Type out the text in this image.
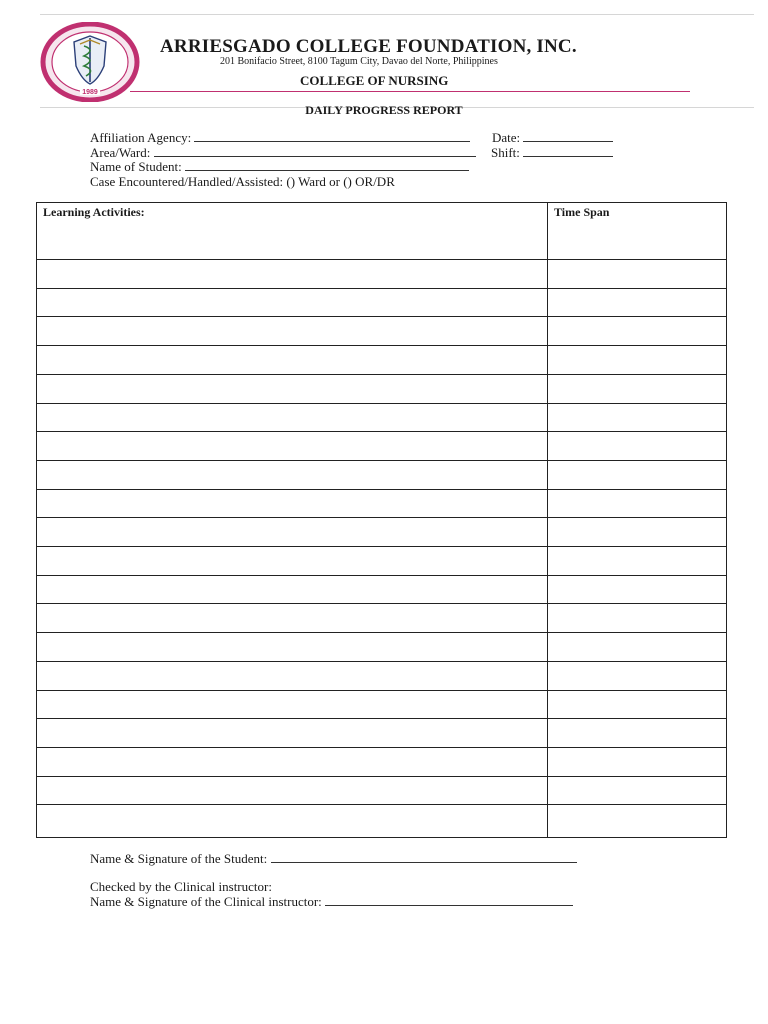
1989
ARRIESGADO COLLEGE FOUNDATION, INC.
201 Bonifacio Street, 8100 Tagum City, Davao del Norte, Philippines
COLLEGE OF NURSING
DAILY PROGRESS REPORT
Affiliation Agency:	Date:
Area/Ward:	Shift:
Name of Student:
Case Encountered/Handled/Assisted: () Ward or () OR/DR
Learning Activities:	Time Span
Name & Signature of the Student:
Checked by the Clinical instructor:
Name & Signature of the Clinical instructor:
